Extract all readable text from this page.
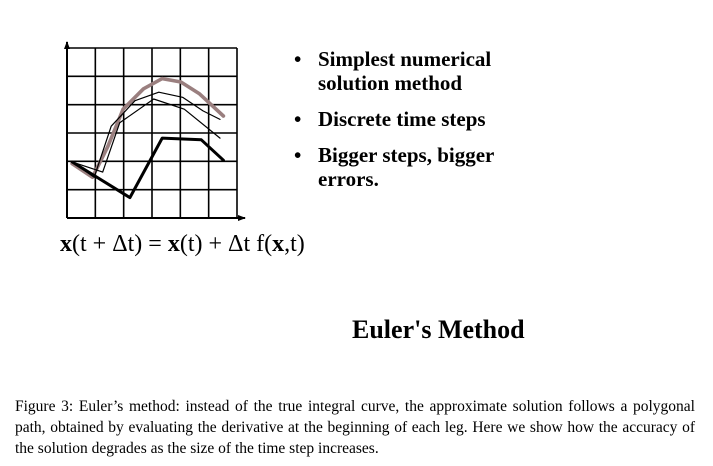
• Simplest numerical solution method
• Discrete time steps
• Bigger steps, bigger errors.
x(t + Δt) = x(t) + Δt f(x,t)
Euler's Method
Figure 3: Euler’s method: instead of the true integral curve, the approximate solution follows a polygonal path, obtained by evaluating the derivative at the beginning of each leg. Here we show how the accuracy of the solution degrades as the size of the time step increases.
